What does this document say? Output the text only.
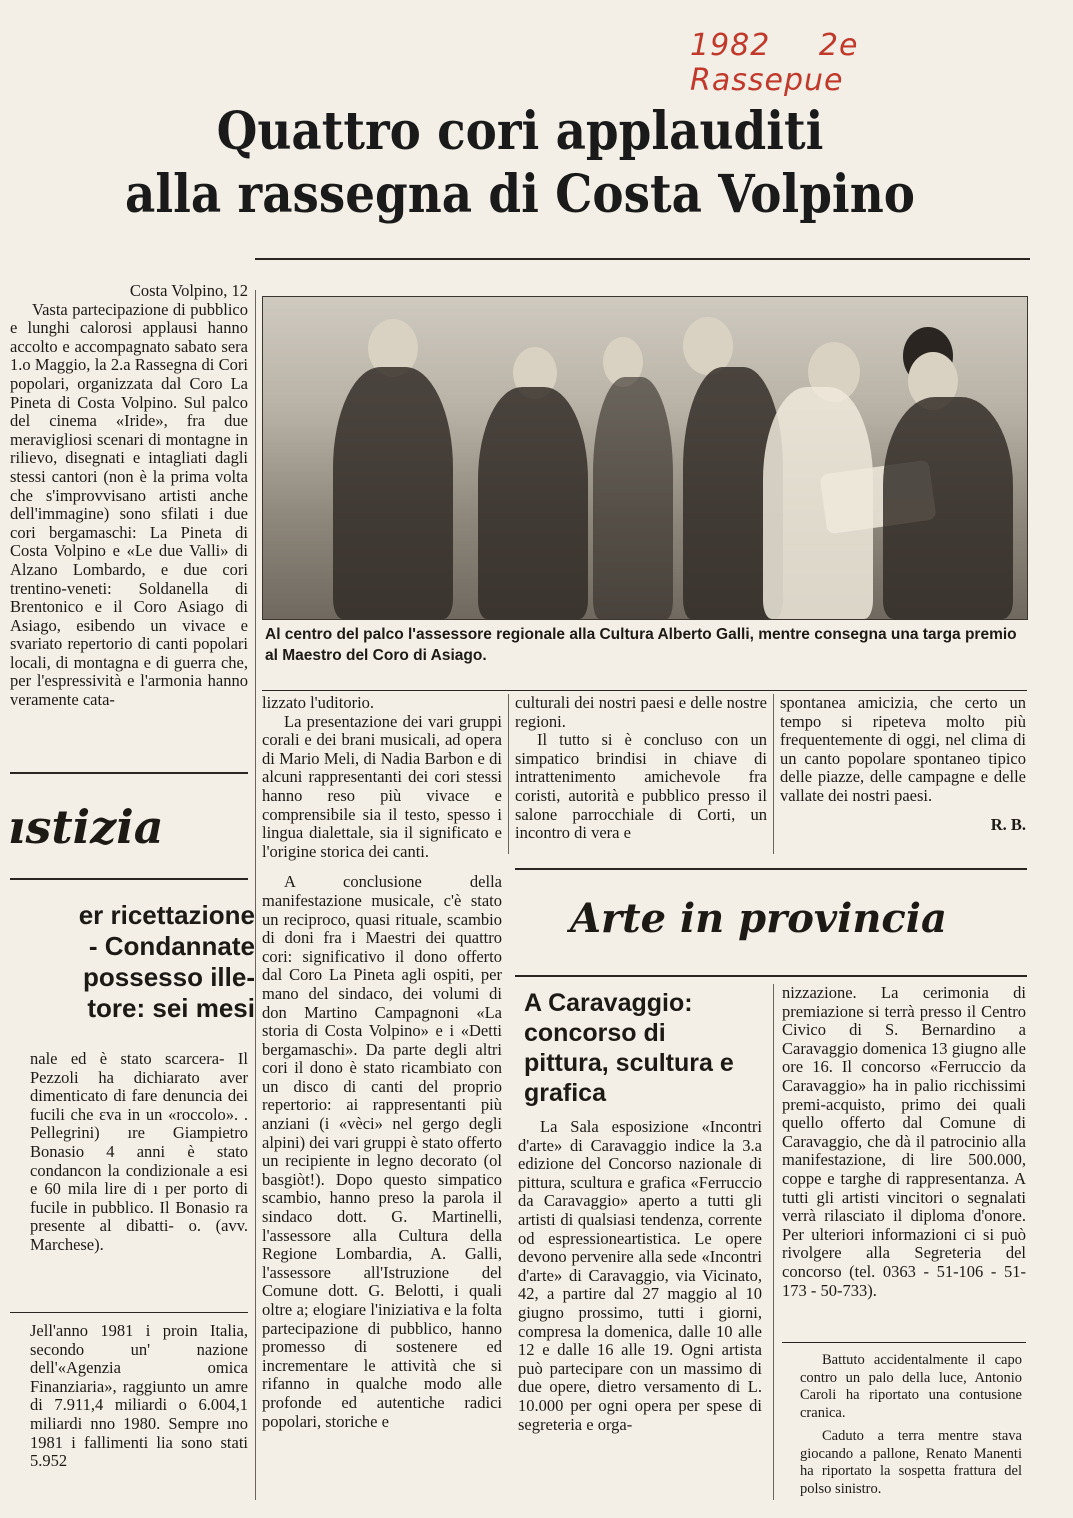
1982 2e Rassepue
Quattro cori applauditi
alla rassegna di Costa Volpino

Costa Volpino, 12

Vasta partecipazione di pubblico e lunghi calorosi applausi hanno accolto e accompagnato sabato sera 1.o Maggio, la 2.a Rassegna di Cori popolari, organizzata dal Coro La Pineta di Costa Volpino. Sul palco del cinema «Iride», fra due meravigliosi scenari di montagne in rilievo, disegnati e intagliati dagli stessi cantori (non è la prima volta che s'improvvisano artisti anche dell'immagine) sono sfilati i due cori bergamaschi: La Pineta di Costa Volpino e «Le due Valli» di Alzano Lombardo, e due cori trentino-veneti: Soldanella di Brentonico e il Coro Asiago di Asiago, esibendo un vivace e svariato repertorio di canti popolari locali, di montagna e di guerra che, per l'espressività e l'armonia hanno veramente cata-

Al centro del palco l'assessore regionale alla Cultura Alberto Galli, mentre consegna una targa premio al Maestro del Coro di Asiago.

lizzato l'uditorio.

La presentazione dei vari gruppi corali e dei brani musicali, ad opera di Mario Meli, di Nadia Barbon e di alcuni rappresentanti dei cori stessi hanno reso più vivace e comprensibile sia il testo, spesso i lingua dialettale, sia il significato e l'origine storica dei canti.

A conclusione della manifestazione musicale, c'è stato un reciproco, quasi rituale, scambio di doni fra i Maestri dei quattro cori: significativo il dono offerto dal Coro La Pineta agli ospiti, per mano del sindaco, dei volumi di don Martino Campagnoni «La storia di Costa Volpino» e i «Detti bergamaschi». Da parte degli altri cori il dono è stato ricambiato con un disco di canti del proprio repertorio: ai rappresentanti più anziani (i «vèci» nel gergo degli alpini) dei vari gruppi è stato offerto un recipiente in legno decorato (ol basgiòt!). Dopo questo simpatico scambio, hanno preso la parola il sindaco dott. G. Martinelli, l'assessore alla Cultura della Regione Lombardia, A. Galli, l'assessore all'Istruzione del Comune dott. G. Belotti, i quali oltre a; elogiare l'iniziativa e la folta partecipazione di pubblico, hanno promesso di sostenere ed incrementare le attività che si rifanno in qualche modo alle profonde ed autentiche radici popolari, storiche e

culturali dei nostri paesi e delle nostre regioni.

Il tutto si è concluso con un simpatico brindisi in chiave di intrattenimento amichevole fra coristi, autorità e pubblico presso il salone parrocchiale di Corti, un incontro di vera e

spontanea amicizia, che certo un tempo si ripeteva molto più frequentemente di oggi, nel clima di un canto popolare spontaneo tipico delle piazze, delle campagne e delle vallate dei nostri paesi.

R. B.

ıstizia
er ricettazione
- Condannate
possesso ille-
tore: sei mesi
nale ed è stato scarcera- Il Pezzoli ha dichiarato aver dimenticato di fare denuncia dei fucili che ɛva in un «roccolo». . Pellegrini) ıre Giampietro Bonasio 4 anni è stato condancon la condizionale a esi e 60 mila lire di ı per porto di fucile in pubblico. Il Bonasio ra presente al dibatti- o. (avv. Marchese).
Jell'anno 1981 i proin Italia, secondo un' nazione dell'«Agenzia omica Finanziaria», raggiunto un amre di 7.911,4 miliardi o 6.004,1 miliardi nno 1980. Sempre ıno 1981 i fallimenti lia sono stati 5.952
Arte in provincia
A Caravaggio: concorso di pittura, scultura e grafica

La Sala esposizione «Incontri d'arte» di Caravaggio indice la 3.a edizione del Concorso nazionale di pittura, scultura e grafica «Ferruccio da Caravaggio» aperto a tutti gli artisti di qualsiasi tendenza, corrente od espressioneartistica. Le opere devono pervenire alla sede «Incontri d'arte» di Caravaggio, via Vicinato, 42, a partire dal 27 maggio al 10 giugno prossimo, tutti i giorni, compresa la domenica, dalle 10 alle 12 e dalle 16 alle 19. Ogni artista può partecipare con un massimo di due opere, dietro versamento di L. 10.000 per ogni opera per spese di segreteria e orga-

nizzazione. La cerimonia di premiazione si terrà presso il Centro Civico di S. Bernardino a Caravaggio domenica 13 giugno alle ore 16. Il concorso «Ferruccio da Caravaggio» ha in palio ricchissimi premi-acquisto, primo dei quali quello offerto dal Comune di Caravaggio, che dà il patrocinio alla manifestazione, di lire 500.000, coppe e targhe di rappresentanza. A tutti gli artisti vincitori o segnalati verrà rilasciato il diploma d'onore. Per ulteriori informazioni ci si può rivolgere alla Segreteria del concorso (tel. 0363 - 51-106 - 51-173 - 50-733).

Battuto accidentalmente il capo contro un palo della luce, Antonio Caroli ha riportato una contusione cranica.

Caduto a terra mentre stava giocando a pallone, Renato Manenti ha riportato la sospetta frattura del polso sinistro.
